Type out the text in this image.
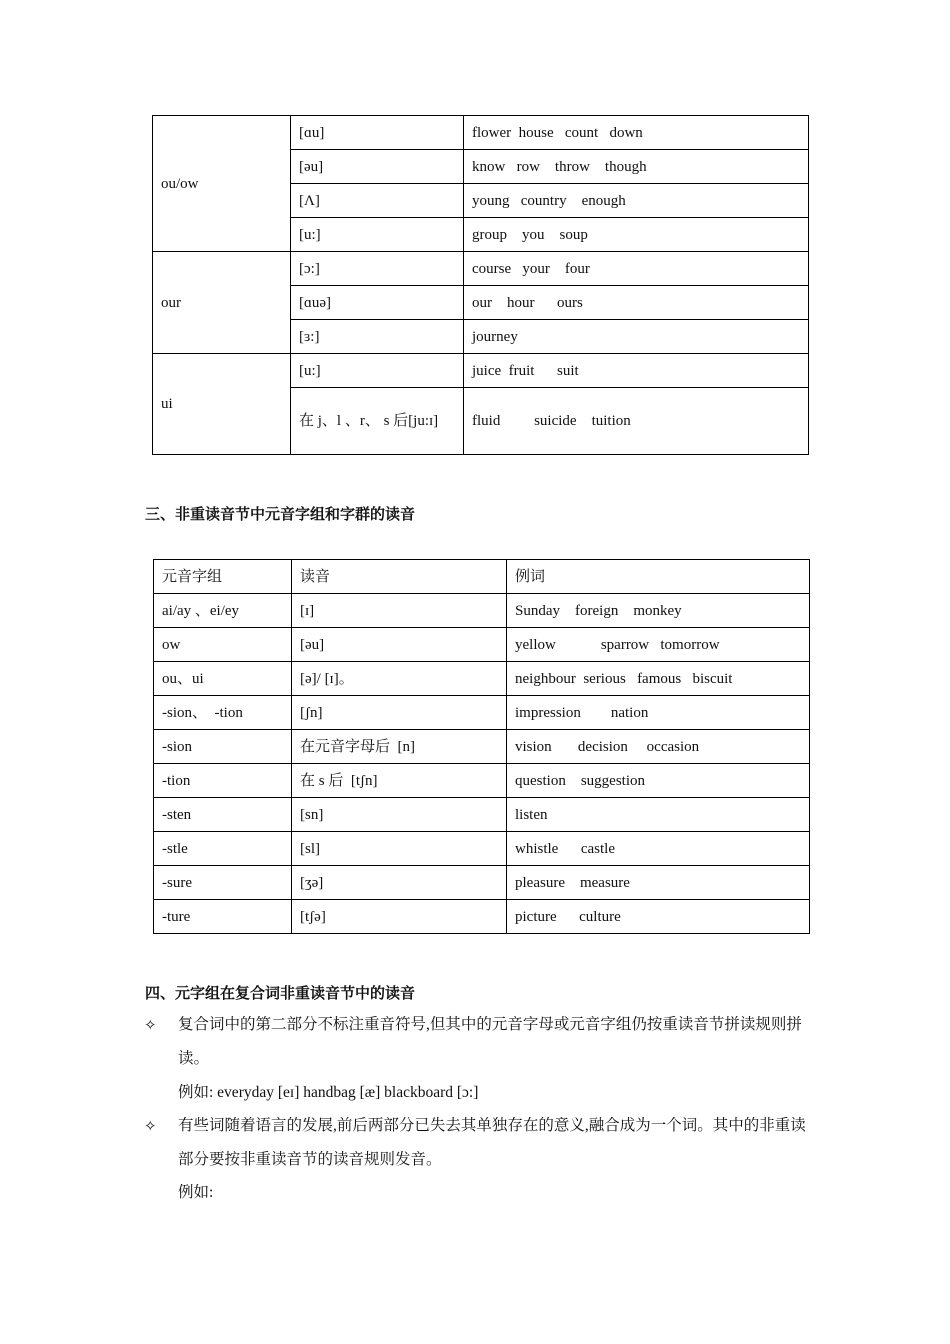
ou/ow	[ɑu]	flower  house   count   down
	[əu]	know   row    throw    though
	[Λ]	young   country    enough
	[u:]	group    you    soup
our	[ɔ:]	course   your    four
	[ɑuə]	our    hour      ours
	[ɜ:]	journey
ui	[u:]	juice  fruit      suit
	在 j、l 、r、 s 后[ju:ɪ]	fluid         suicide    tuition
三、非重读音节中元音字组和字群的读音
元音字组	读音	例词
ai/ay 、ei/ey	[ɪ]	Sunday    foreign    monkey
ow	[əu]	yellow            sparrow   tomorrow
ou、ui	[ə]/ [ɪ]。	neighbour  serious   famous   biscuit
-sion、  -tion	[ʃn]	impression        nation
-sion	在元音字母后  [n]	vision       decision     occasion
-tion	在 s 后  [tʃn]	question    suggestion
-sten	[sn]	listen
-stle	[sl]	whistle      castle
-sure	[ʒə]	pleasure    measure
-ture	[tʃə]	picture      culture
四、元字组在复合词非重读音节中的读音
✧ 复合词中的第二部分不标注重音符号,但其中的元音字母或元音字组仍按重读音节拼读规则拼读。

例如: everyday [eɪ] handbag [æ] blackboard [ɔ:]

✧ 有些词随着语言的发展,前后两部分已失去其单独存在的意义,融合成为一个词。其中的非重读部分要按非重读音节的读音规则发音。

例如:
